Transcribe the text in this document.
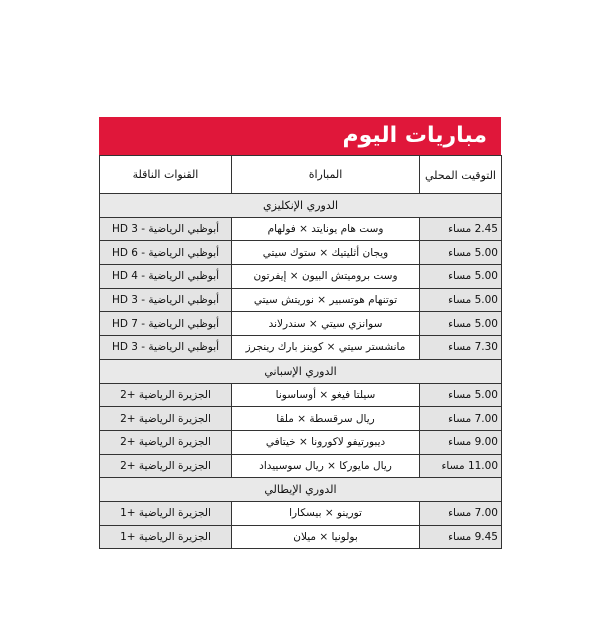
مباريات اليوم
التوقيت المحلي	المباراة	القنوات الناقلة
الدوري الإنكليزي		
2.45 مساء	وست هام يونايتد × فولهام	أبوظبي الرياضية - HD 3
5.00 مساء	ويجان أثليتيك × ستوك سيتي	أبوظبي الرياضية - HD 6
5.00 مساء	وست بروميتش البيون × إيفرتون	أبوظبي الرياضية - HD 4
5.00 مساء	توتنهام هوتسبير × نوريتش سيتي	أبوظبي الرياضية - HD 3
5.00 مساء	سوانزي سيتي × سندرلاند	أبوظبي الرياضية - HD 7
7.30 مساء	مانشستر سيتي × كوينز بارك رينجرز	أبوظبي الرياضية - HD 3
الدوري الإسباني		
5.00 مساء	سيلتا فيغو × أوساسونا	الجزيرة الرياضية +2
7.00 مساء	ريال سرقسطة × ملقا	الجزيرة الرياضية +2
9.00 مساء	ديبورتيفو لاكورونا × خيتافي	الجزيرة الرياضية +2
11.00 مساء	ريال مايوركا × ريال سوسييداد	الجزيرة الرياضية +2
الدوري الإيطالي		
7.00 مساء	تورينو × بيسكارا	الجزيرة الرياضية +1
9.45 مساء	بولونيا × ميلان	الجزيرة الرياضية +1
